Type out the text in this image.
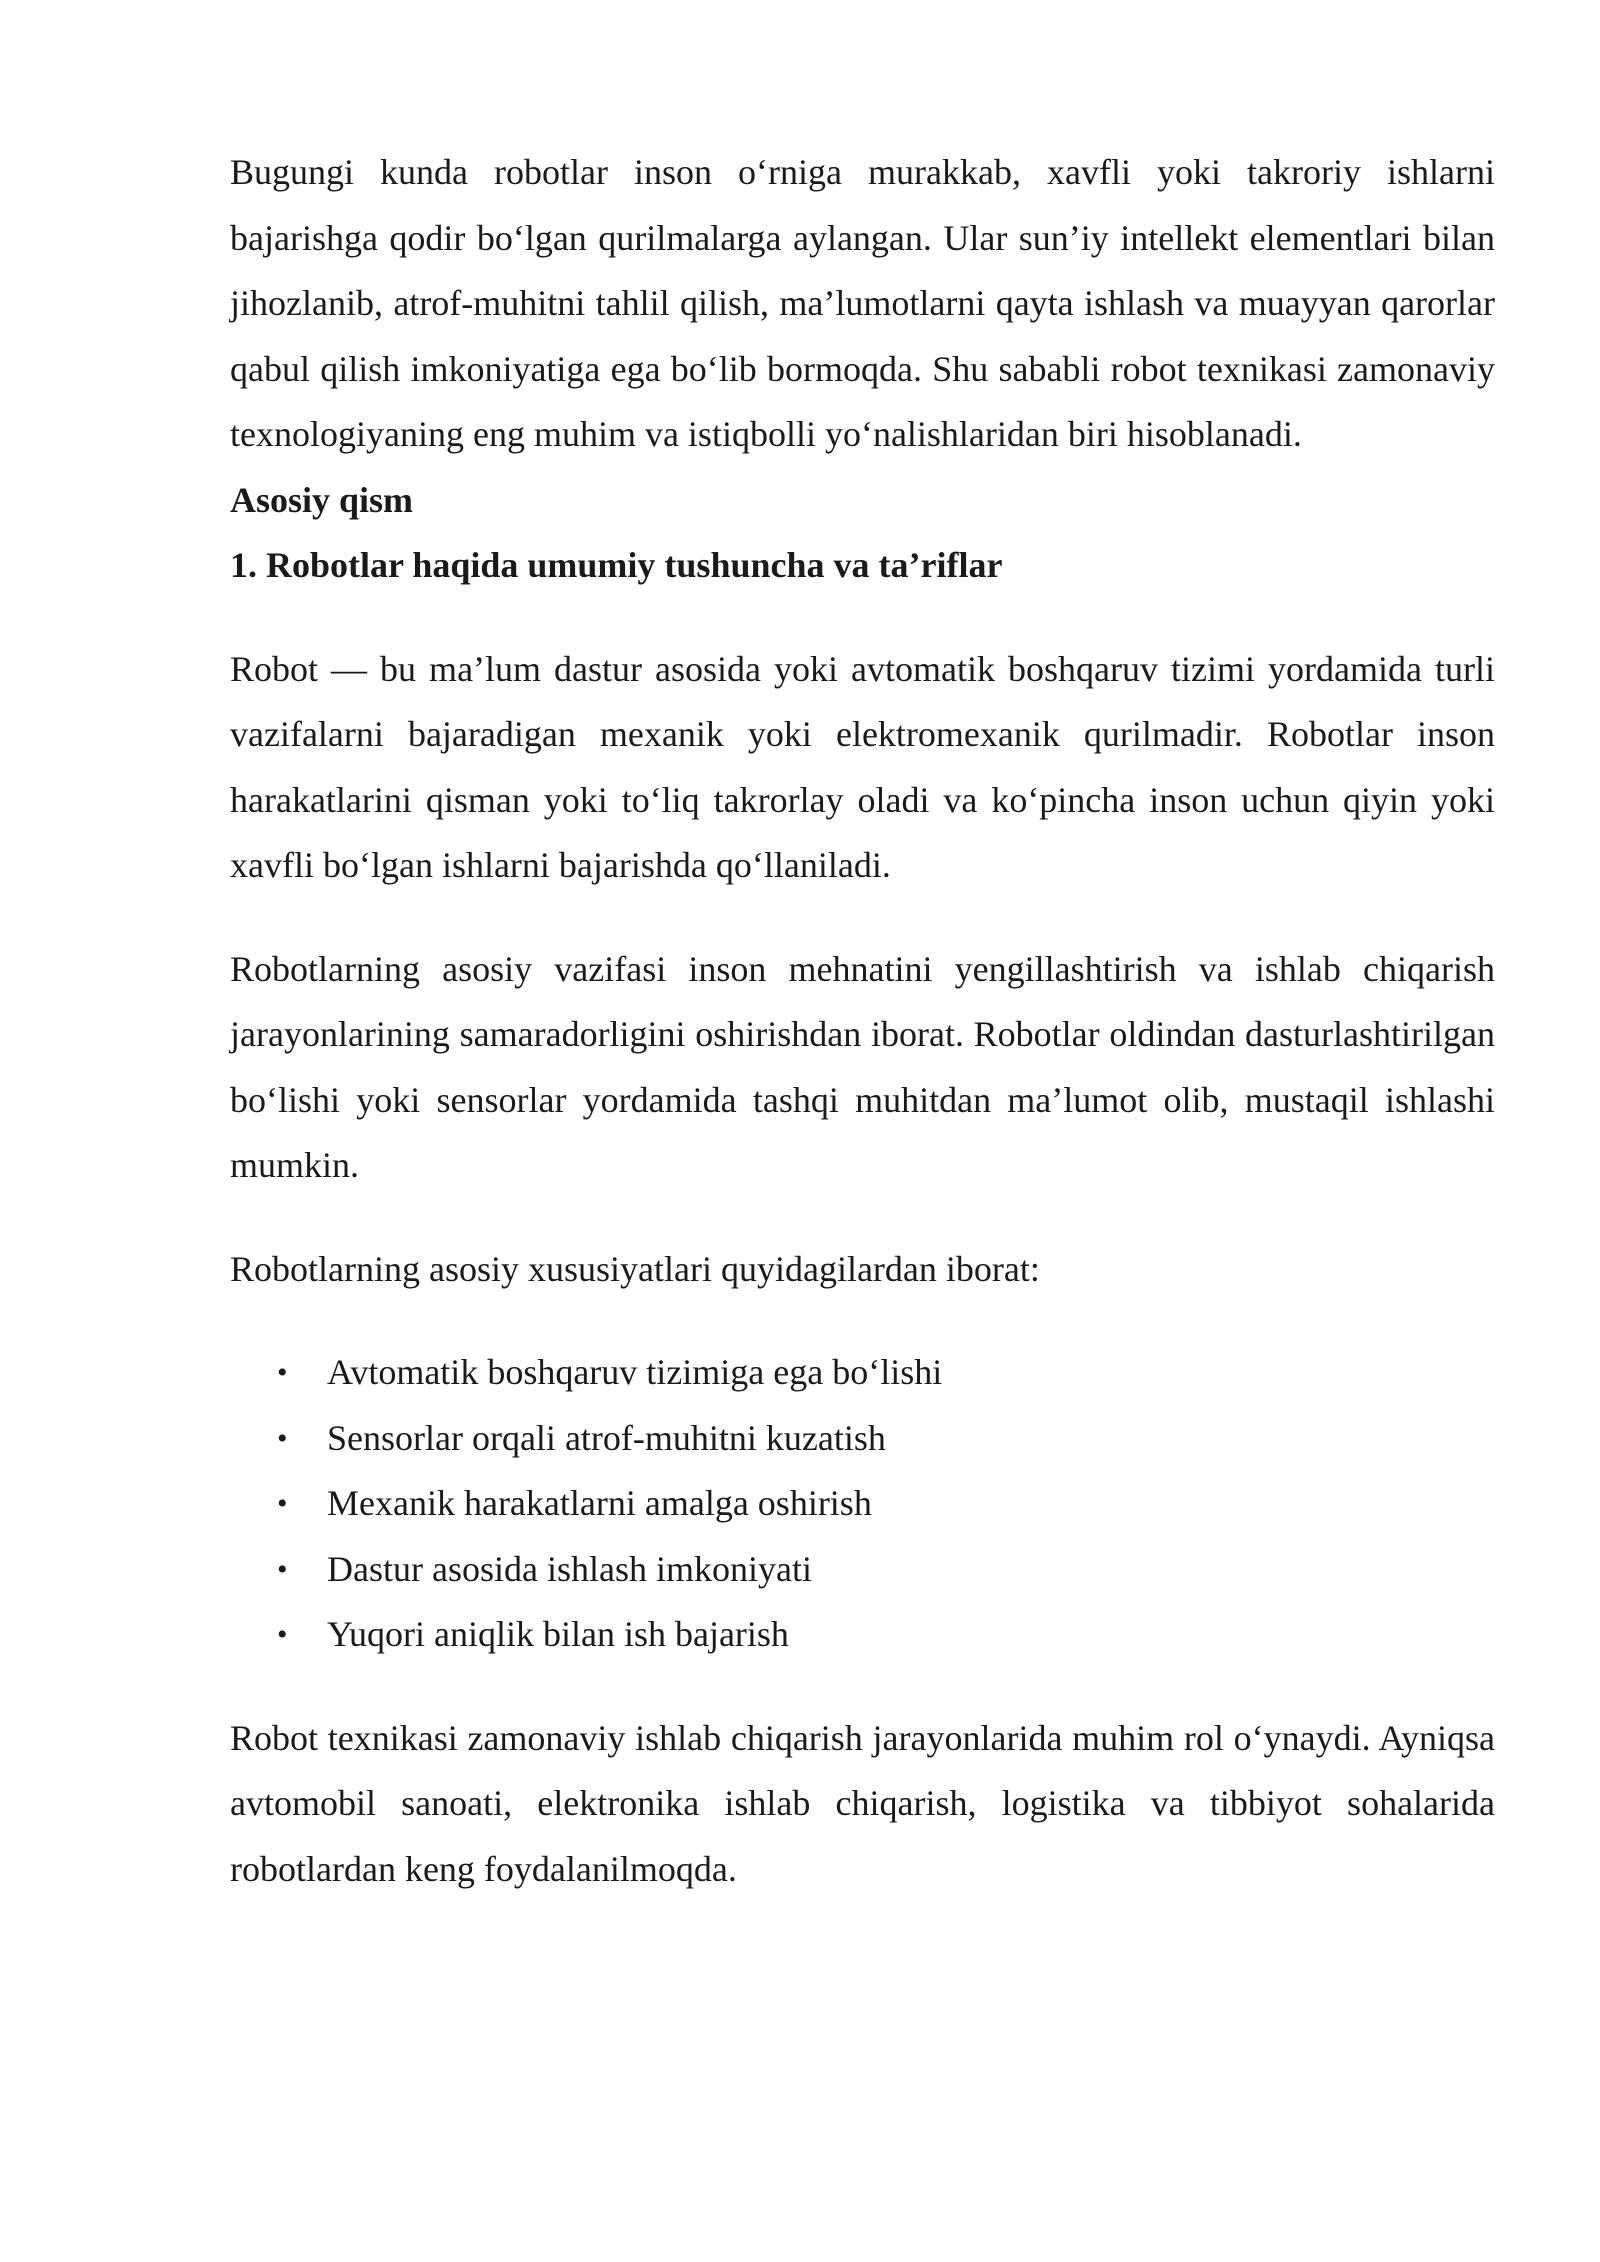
Bugungi kunda robotlar inson o‘rniga murakkab, xavfli yoki takroriy ishlarni bajarishga qodir bo‘lgan qurilmalarga aylangan. Ular sun’iy intellekt elementlari bilan jihozlanib, atrof-muhitni tahlil qilish, ma’lumotlarni qayta ishlash va muayyan qarorlar qabul qilish imkoniyatiga ega bo‘lib bormoqda. Shu sababli robot texnikasi zamonaviy texnologiyaning eng muhim va istiqbolli yo‘nalishlaridan biri hisoblanadi.

Asosiy qism

1. Robotlar haqida umumiy tushuncha va ta’riflar

Robot — bu ma’lum dastur asosida yoki avtomatik boshqaruv tizimi yordamida turli vazifalarni bajaradigan mexanik yoki elektromexanik qurilmadir. Robotlar inson harakatlarini qisman yoki to‘liq takrorlay oladi va ko‘pincha inson uchun qiyin yoki xavfli bo‘lgan ishlarni bajarishda qo‘llaniladi.

Robotlarning asosiy vazifasi inson mehnatini yengillashtirish va ishlab chiqarish jarayonlarining samaradorligini oshirishdan iborat. Robotlar oldindan dasturlashtirilgan bo‘lishi yoki sensorlar yordamida tashqi muhitdan ma’lumot olib, mustaqil ishlashi mumkin.

Robotlarning asosiy xususiyatlari quyidagilardan iborat:

• Avtomatik boshqaruv tizimiga ega bo‘lishi
• Sensorlar orqali atrof-muhitni kuzatish
• Mexanik harakatlarni amalga oshirish
• Dastur asosida ishlash imkoniyati
• Yuqori aniqlik bilan ish bajarish

Robot texnikasi zamonaviy ishlab chiqarish jarayonlarida muhim rol o‘ynaydi. Ayniqsa avtomobil sanoati, elektronika ishlab chiqarish, logistika va tibbiyot sohalarida robotlardan keng foydalanilmoqda.
